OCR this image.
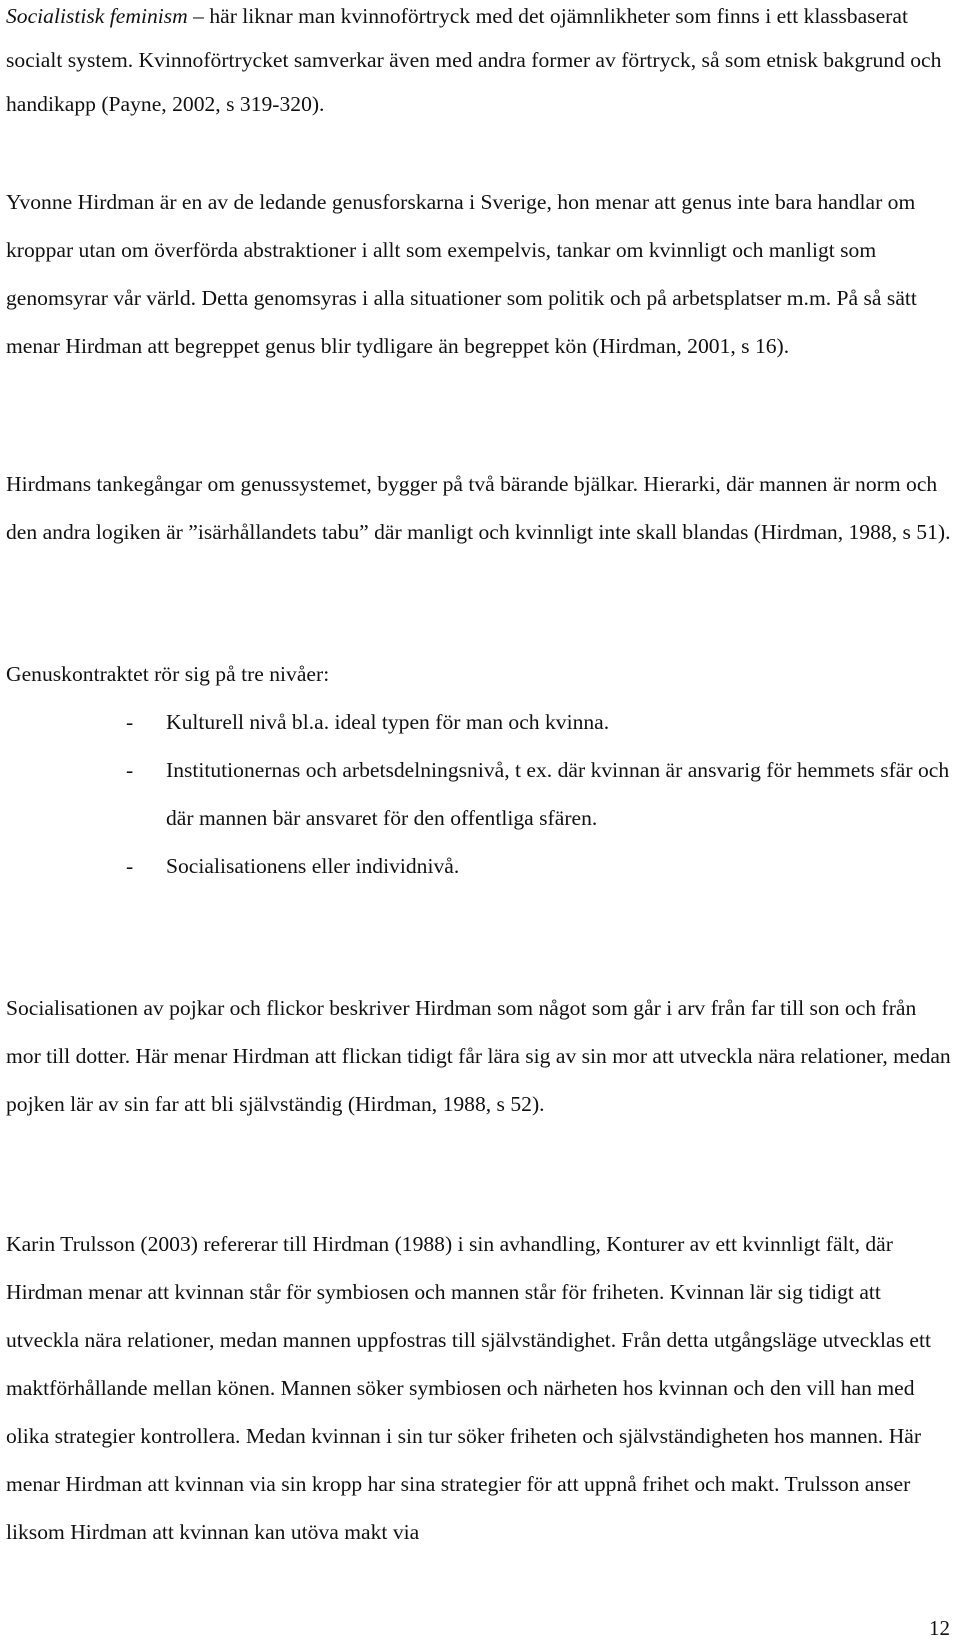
Socialistisk feminism – här liknar man kvinnoförtryck med det ojämnlikheter som finns i ett klassbaserat socialt system. Kvinnoförtrycket samverkar även med andra former av förtryck, så som etnisk bakgrund och handikapp (Payne, 2002, s 319-320).

Yvonne Hirdman är en av de ledande genusforskarna i Sverige, hon menar att genus inte bara handlar om kroppar utan om överförda abstraktioner i allt som exempelvis, tankar om kvinnligt och manligt som genomsyrar vår värld. Detta genomsyras i alla situationer som politik och på arbetsplatser m.m. På så sätt menar Hirdman att begreppet genus blir tydligare än begreppet kön (Hirdman, 2001, s 16).

Hirdmans tankegångar om genussystemet, bygger på två bärande bjälkar. Hierarki, där mannen är norm och den andra logiken är ”isärhållandets tabu” där manligt och kvinnligt inte skall blandas (Hirdman, 1988, s 51).

Genuskontraktet rör sig på tre nivåer:

- Kulturell nivå bl.a. ideal typen för man och kvinna.
- Institutionernas och arbetsdelningsnivå, t ex. där kvinnan är ansvarig för hemmets sfär och där mannen bär ansvaret för den offentliga sfären.
- Socialisationens eller individnivå.

Socialisationen av pojkar och flickor beskriver Hirdman som något som går i arv från far till son och från mor till dotter. Här menar Hirdman att flickan tidigt får lära sig av sin mor att utveckla nära relationer, medan pojken lär av sin far att bli självständig (Hirdman, 1988, s 52).

Karin Trulsson (2003) refererar till Hirdman (1988) i sin avhandling, Konturer av ett kvinnligt fält, där Hirdman menar att kvinnan står för symbiosen och mannen står för friheten. Kvinnan lär sig tidigt att utveckla nära relationer, medan mannen uppfostras till självständighet. Från detta utgångsläge utvecklas ett maktförhållande mellan könen. Mannen söker symbiosen och närheten hos kvinnan och den vill han med olika strategier kontrollera. Medan kvinnan i sin tur söker friheten och självständigheten hos mannen. Här menar Hirdman att kvinnan via sin kropp har sina strategier för att uppnå frihet och makt. Trulsson anser liksom Hirdman att kvinnan kan utöva makt via

12
